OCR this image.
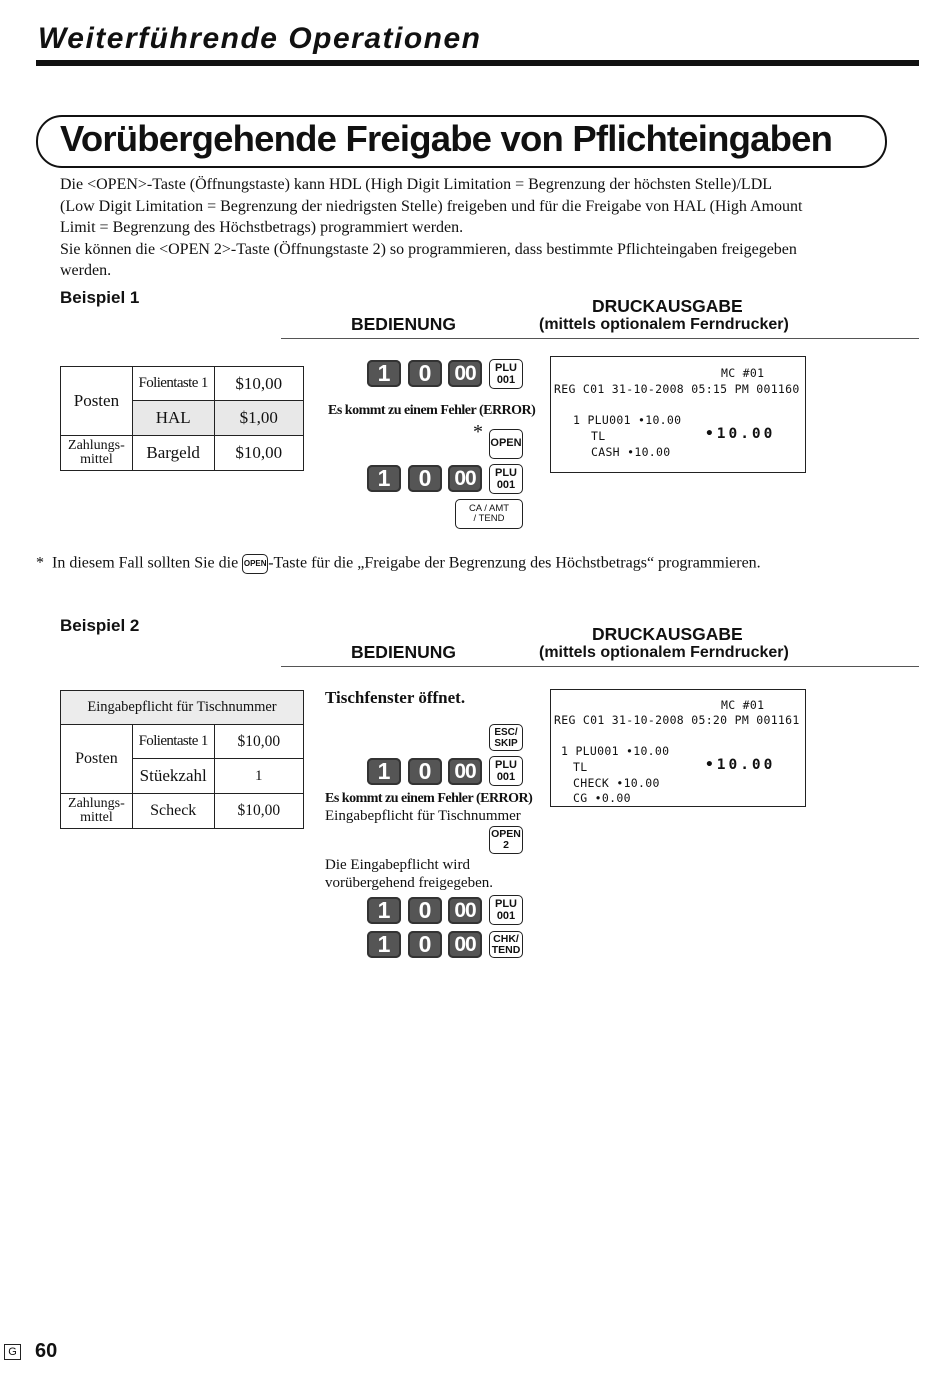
Weiterführende Operationen
Vorübergehende Freigabe von Pflichteingaben

Die <OPEN>-Taste (Öffnungstaste) kann HDL (High Digit Limitation = Begrenzung der höchsten Stelle)/LDL

(Low Digit Limitation = Begrenzung der niedrigsten Stelle) freigeben und für die Freigabe von HAL (High Amount

Limit = Begrenzung des Höchstbetrags) programmiert werden.

Sie können die <OPEN 2>-Taste (Öffnungstaste 2) so programmieren, dass bestimmte Pflichteingaben freigegeben

werden.

Beispiel 1
BEDIENUNG
DRUCKAUSGABE
(mittels optionalem Ferndrucker)
Posten	Folientaste 1	$10,00
	HAL	$1,00
Zahlungs-
mittel	Bargeld	$10,00
1	0	00	PLU
001
Es kommt zu einem Fehler (ERROR)
* OPEN
1	0	00	PLU
001
CA / AMT
/ TEND
MC #01
REG C01 31-10-2008 05:15 PM 001160
1 PLU001 •10.00
TL	•10.00
CASH •10.00
* In diesem Fall sollten Sie die OPEN -Taste für die „Freigabe der Begrenzung des Höchstbetrags“ programmieren.
Beispiel 2
BEDIENUNG
DRUCKAUSGABE
(mittels optionalem Ferndrucker)
Eingabepflicht für Tischnummer		
Posten	Folientaste 1	$10,00
	Stüekzahl	1
Zahlungs-
mittel	Scheck	$10,00
Tischfenster öffnet.
ESC/
SKIP
1	0	00	PLU
001
Es kommt zu einem Fehler (ERROR)
Eingabepflicht für Tischnummer
OPEN
2
Die Eingabepflicht wird
vorübergehend freigegeben.
1	0	00	PLU
001
1	0	00	CHK/
TEND
MC #01
REG C01 31-10-2008 05:20 PM 001161
1 PLU001 •10.00
TL	•10.00
CHECK •10.00
CG •0.00
G 60
